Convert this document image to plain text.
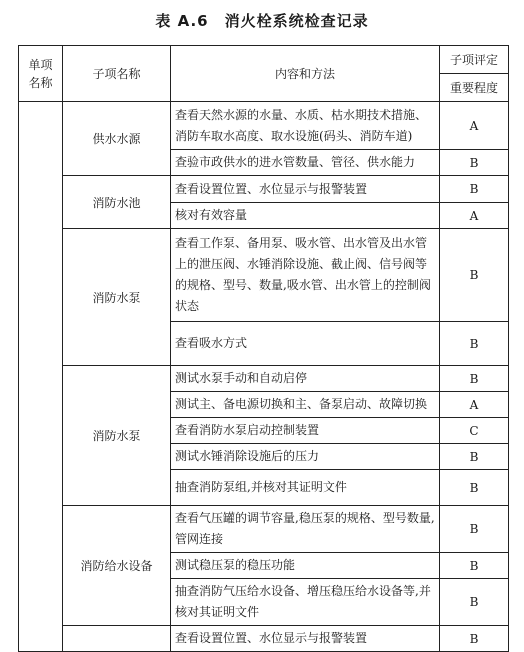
表 A.6　消火栓系统检查记录
单项
名称	子项名称	内容和方法	子项评定
			重要程度
	供水水源	查看天然水源的水量、水质、枯水期技术措施、消防车取水高度、取水设施(码头、消防车道)	A
		查验市政供水的进水管数量、管径、供水能力	B
	消防水池	查看设置位置、水位显示与报警装置	B
		核对有效容量	A
	消防水泵	查看工作泵、备用泵、吸水管、出水管及出水管上的泄压阀、水锤消除设施、截止阀、信号阀等的规格、型号、数量,吸水管、出水管上的控制阀状态	B
		查看吸水方式	B
	消防水泵	测试水泵手动和自动启停	B
		测试主、备电源切换和主、备泵启动、故障切换	A
		查看消防水泵启动控制装置	C
		测试水锤消除设施后的压力	B
		抽查消防泵组,并核对其证明文件	B
	消防给水设备	查看气压罐的调节容量,稳压泵的规格、型号数量,管网连接	B
		测试稳压泵的稳压功能	B
		抽查消防气压给水设备、增压稳压给水设备等,并核对其证明文件	B
		查看设置位置、水位显示与报警装置	B
